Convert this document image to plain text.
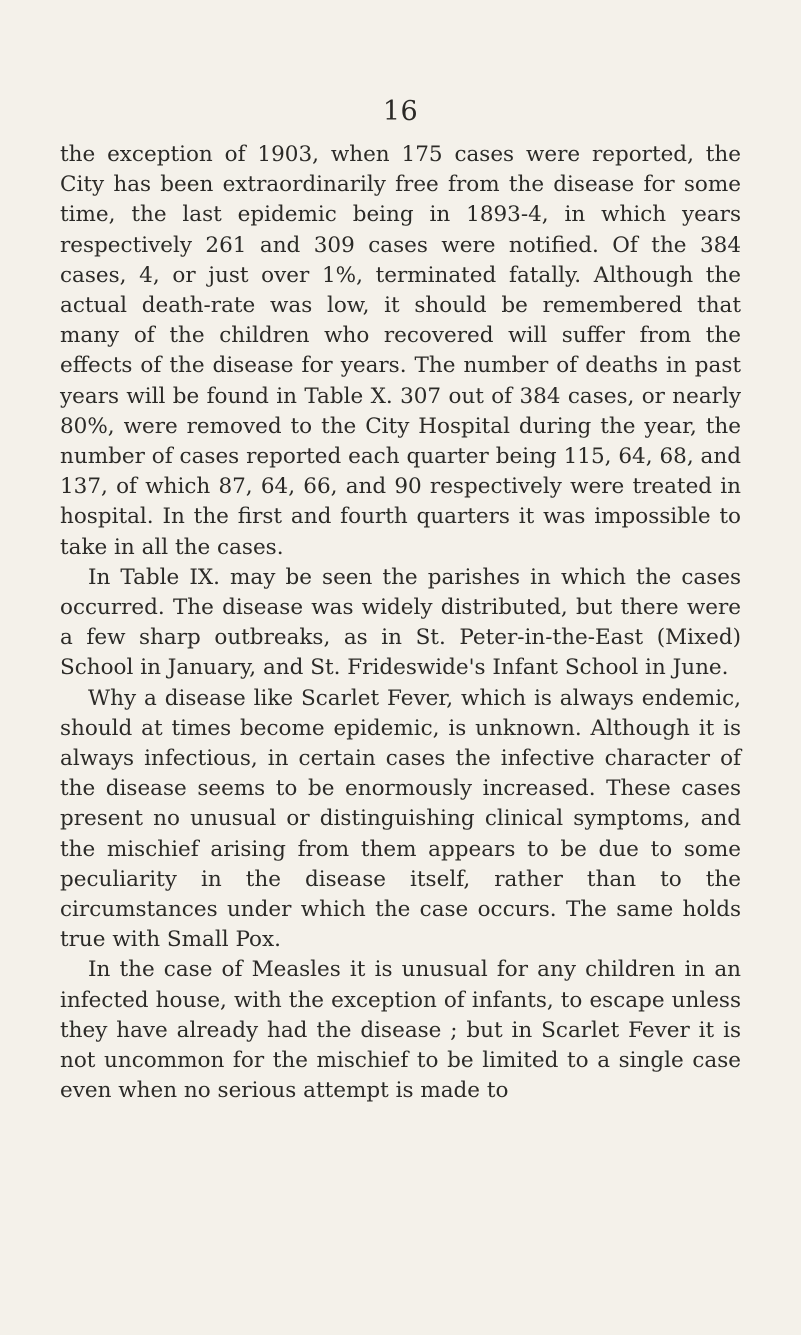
16

the exception of 1903, when 175 cases were reported, the City has been extraordinarily free from the disease for some time, the last epidemic being in 1893-4, in which years respectively 261 and 309 cases were notified. Of the 384 cases, 4, or just over 1%, terminated fatally. Although the actual death-rate was low, it should be remembered that many of the children who recovered will suffer from the effects of the disease for years. The number of deaths in past years will be found in Table X. 307 out of 384 cases, or nearly 80%, were removed to the City Hospital during the year, the number of cases reported each quarter being 115, 64, 68, and 137, of which 87, 64, 66, and 90 respectively were treated in hospital. In the first and fourth quarters it was impossible to take in all the cases.

In Table IX. may be seen the parishes in which the cases occurred. The disease was widely distributed, but there were a few sharp outbreaks, as in St. Peter-in-the-East (Mixed) School in January, and St. Frideswide's Infant School in June.

Why a disease like Scarlet Fever, which is always endemic, should at times become epidemic, is unknown. Although it is always infectious, in certain cases the infective character of the disease seems to be enormously increased. These cases present no unusual or distinguishing clinical symptoms, and the mischief arising from them appears to be due to some peculiarity in the disease itself, rather than to the circumstances under which the case occurs. The same holds true with Small Pox.

In the case of Measles it is unusual for any children in an infected house, with the exception of infants, to escape unless they have already had the disease ; but in Scarlet Fever it is not uncommon for the mischief to be limited to a single case even when no serious attempt is made to
